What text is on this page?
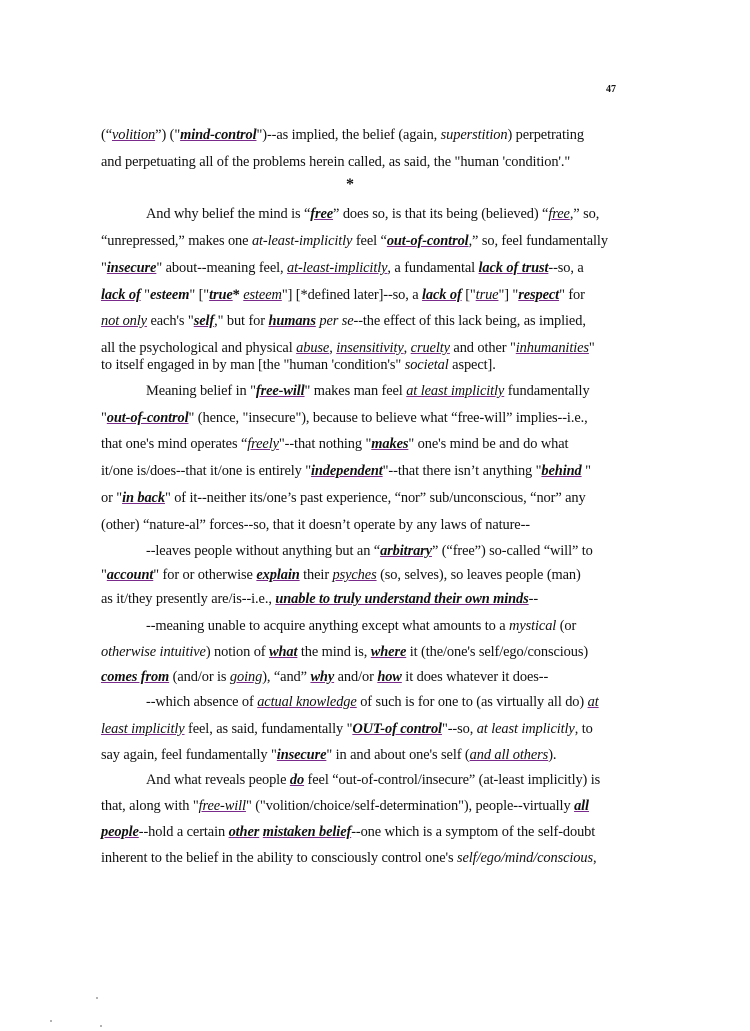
47
(“volition”) ("mind-control")--as implied, the belief (again, superstition) perpetrating
and perpetuating all of the problems herein called, as said, the "human 'condition'."
And why belief the mind is “free” does so, is that its being (believed) “free,” so,
“unrepressed,” makes one at-least-implicitly feel “out-of-control,” so, feel fundamentally
"insecure" about--meaning feel, at-least-implicitly, a fundamental lack of trust--so, a
lack of "esteem" ["true* esteem"] [*defined later]--so, a lack of ["true"] "respect" for
not only each's "self," but for humans per se--the effect of this lack being, as implied,
all the psychological and physical abuse, insensitivity, cruelty and other "inhumanities"
to itself engaged in by man [the "human 'condition's" societal aspect].
Meaning belief in "free-will" makes man feel at least implicitly fundamentally
"out-of-control" (hence, "insecure"), because to believe what “free-will” implies--i.e.,
that one's mind operates “freely"--that nothing "makes" one's mind be and do what
it/one is/does--that it/one is entirely "independent"--that there isn’t anything "behind "
or "in back" of it--neither its/one’s past experience, “nor” sub/unconscious, “nor” any
(other) “nature-al” forces--so, that it doesn’t operate by any laws of nature--
--leaves people without anything but an “arbitrary” (“free”) so-called “will” to
"account" for or otherwise explain their psyches (so, selves), so leaves people (man)
as it/they presently are/is--i.e., unable to truly understand their own minds--
--meaning unable to acquire anything except what amounts to a mystical (or
otherwise intuitive) notion of what the mind is, where it (the/one's self/ego/conscious)
comes from (and/or is going), “and” why and/or how it does whatever it does--
--which absence of actual knowledge of such is for one to (as virtually all do) at
least implicitly feel, as said, fundamentally "OUT-of control"--so, at least implicitly, to
say again, feel fundamentally "insecure" in and about one's self (and all others).
And what reveals people do feel “out-of-control/insecure” (at-least implicitly) is
that, along with "free-will" ("volition/choice/self-determination"), people--virtually all
people--hold a certain other mistaken belief--one which is a symptom of the self-doubt
inherent to the belief in the ability to consciously control one's self/ego/mind/conscious,
*
